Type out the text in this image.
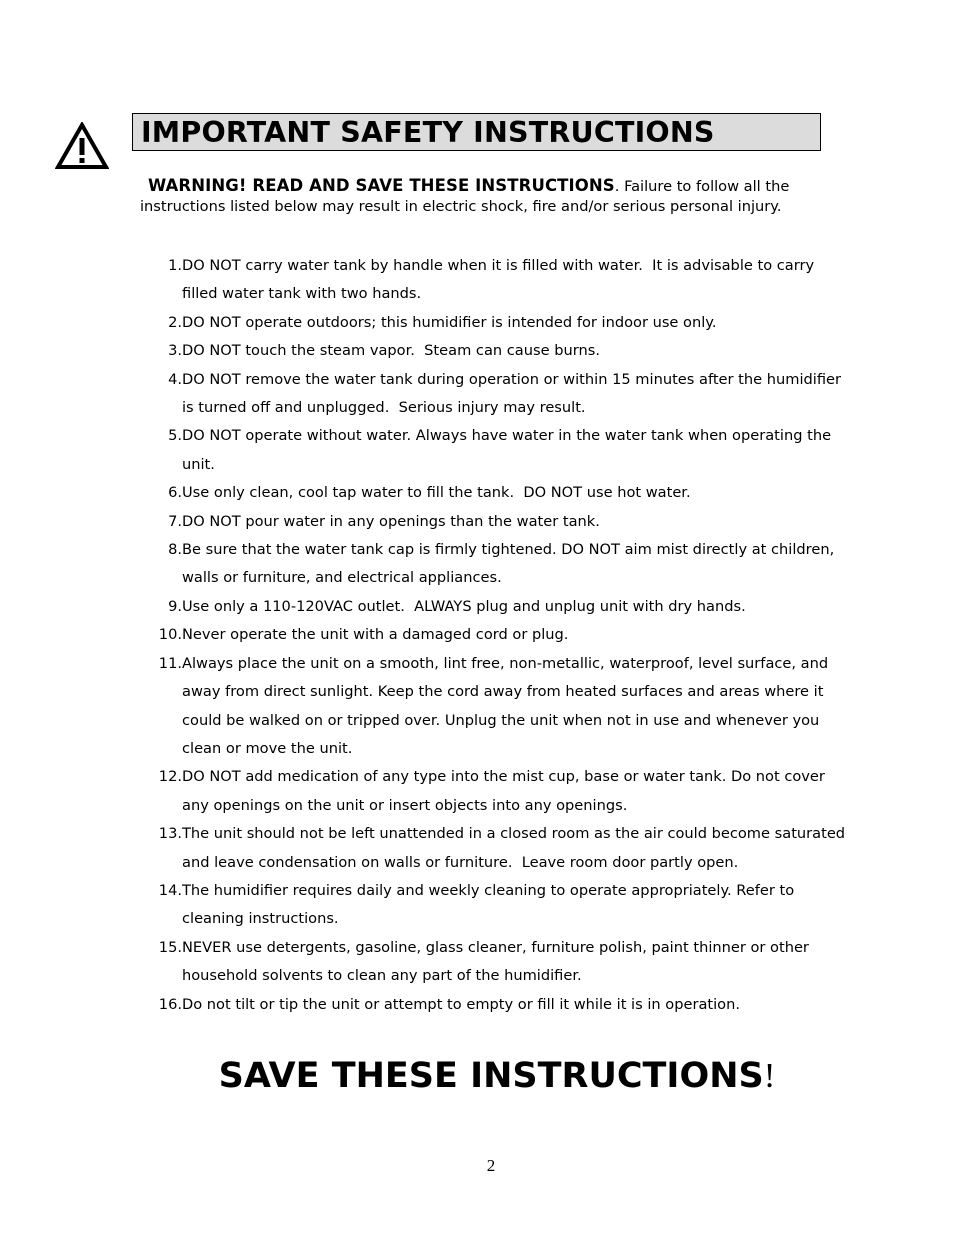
IMPORTANT SAFETY INSTRUCTIONS
WARNING! READ AND SAVE THESE INSTRUCTIONS. Failure to follow all the instructions listed below may result in electric shock, fire and/or serious personal injury.
1. DO NOT carry water tank by handle when it is filled with water.  It is advisable to carry filled water tank with two hands.
2. DO NOT operate outdoors; this humidifier is intended for indoor use only.
3. DO NOT touch the steam vapor.  Steam can cause burns.
4. DO NOT remove the water tank during operation or within 15 minutes after the humidifier is turned off and unplugged.  Serious injury may result.
5. DO NOT operate without water. Always have water in the water tank when operating the unit.
6. Use only clean, cool tap water to fill the tank.  DO NOT use hot water.
7. DO NOT pour water in any openings than the water tank.
8. Be sure that the water tank cap is firmly tightened. DO NOT aim mist directly at children, walls or furniture, and electrical appliances.
9. Use only a 110-120VAC outlet.  ALWAYS plug and unplug unit with dry hands.
10. Never operate the unit with a damaged cord or plug.
11. Always place the unit on a smooth, lint free, non-metallic, waterproof, level surface, and away from direct sunlight. Keep the cord away from heated surfaces and areas where it could be walked on or tripped over. Unplug the unit when not in use and whenever you clean or move the unit.
12. DO NOT add medication of any type into the mist cup, base or water tank. Do not cover any openings on the unit or insert objects into any openings.
13. The unit should not be left unattended in a closed room as the air could become saturated and leave condensation on walls or furniture.  Leave room door partly open.
14. The humidifier requires daily and weekly cleaning to operate appropriately. Refer to cleaning instructions.
15. NEVER use detergents, gasoline, glass cleaner, furniture polish, paint thinner or other household solvents to clean any part of the humidifier.
16. Do not tilt or tip the unit or attempt to empty or fill it while it is in operation.
SAVE THESE INSTRUCTIONS!
2
